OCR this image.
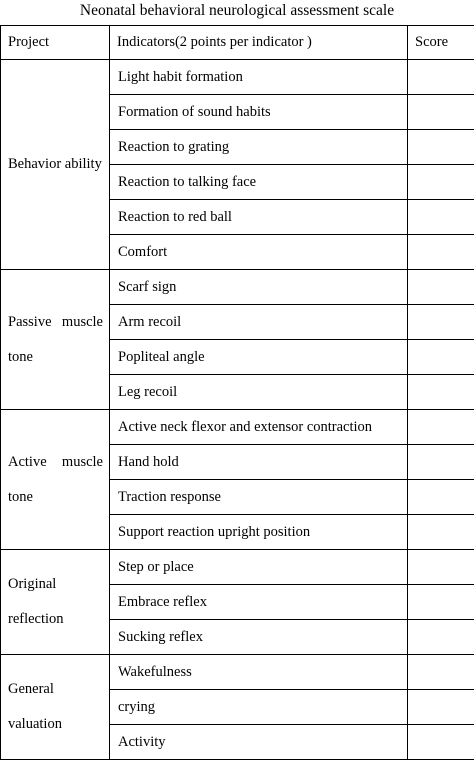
Neonatal behavioral neurological assessment scale
Project	Indicators(2 points per indicator )	Score
Behavior ability	Light habit formation	
	Formation of sound habits	
	Reaction to grating	
	Reaction to talking face	
	Reaction to red ball	
	Comfort	
Passive muscle tone	Scarf sign	
	Arm recoil	
	Popliteal angle	
	Leg recoil	
Active muscle tone	Active neck flexor and extensor contraction	
	Hand hold	
	Traction response	
	Support reaction upright position	
Original reflection	Step or place	
	Embrace reflex	
	Sucking reflex	
General valuation	Wakefulness	
	crying	
	Activity	
